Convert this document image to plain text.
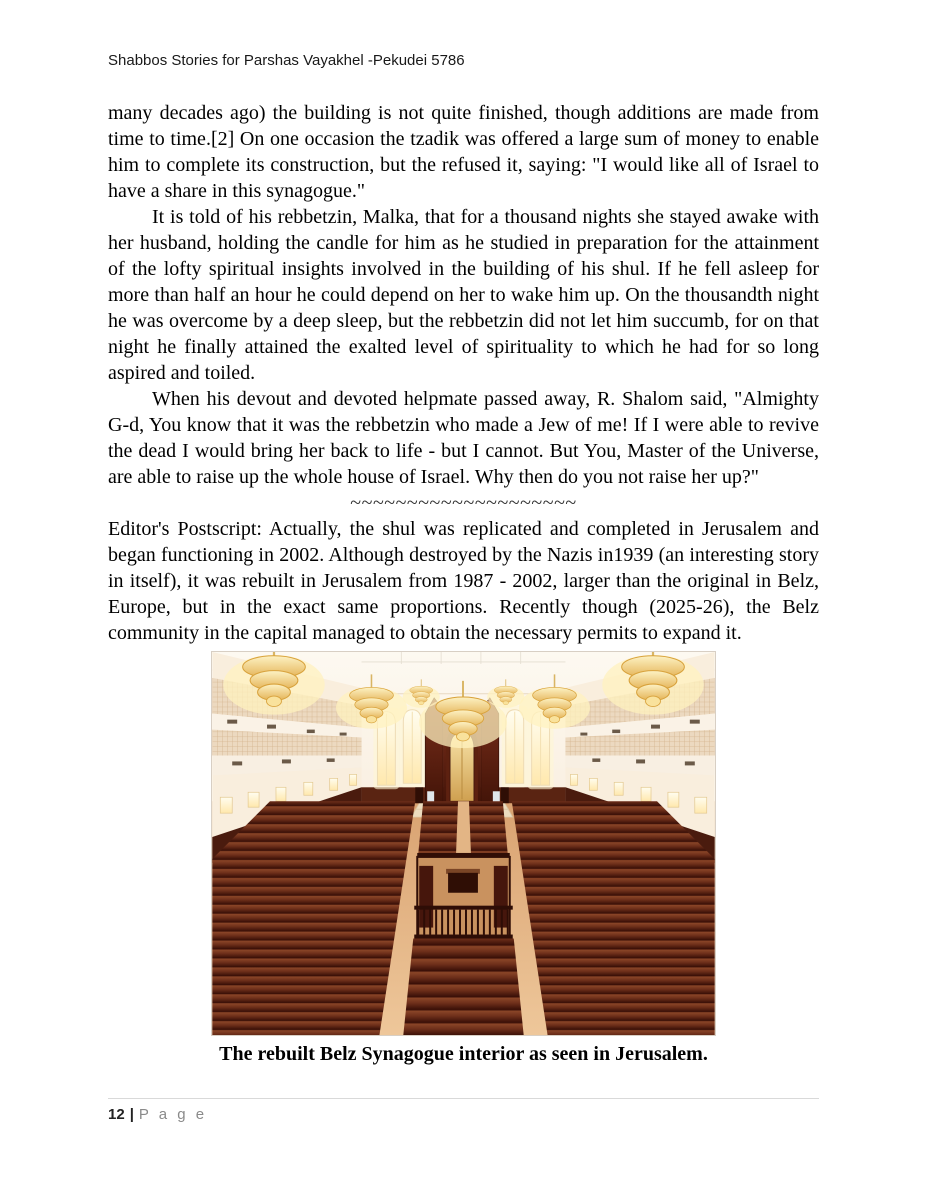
Shabbos Stories for Parshas Vayakhel -Pekudei 5786

many decades ago) the building is not quite finished, though additions are made from time to time.[2] On one occasion the tzadik was offered a large sum of money to enable him to complete its construction, but the refused it, saying: "I would like all of Israel to have a share in this synagogue."

It is told of his rebbetzin, Malka, that for a thousand nights she stayed awake with her husband, holding the candle for him as he studied in preparation for the attainment of the lofty spiritual insights involved in the building of his shul. If he fell asleep for more than half an hour he could depend on her to wake him up. On the thousandth night he was overcome by a deep sleep, but the rebbetzin did not let him succumb, for on that night he finally attained the exalted level of spirituality to which he had for so long aspired and toiled.

When his devout and devoted helpmate passed away, R. Shalom said, "Almighty G-d, You know that it was the rebbetzin who made a Jew of me! If I were able to revive the dead I would bring her back to life - but I cannot. But You, Master of the Universe, are able to raise up the whole house of Israel. Why then do you not raise her up?"

~~~~~~~~~~~~~~~~~~~~

Editor's Postscript: Actually, the shul was replicated and completed in Jerusalem and began functioning in 2002. Although destroyed by the Nazis in1939 (an interesting story in itself), it was rebuilt in Jerusalem from 1987 - 2002, larger than the original in Belz, Europe, but in the exact same proportions. Recently though (2025-26), the Belz community in the capital managed to obtain the necessary permits to expand it.

The rebuilt Belz Synagogue interior as seen in Jerusalem.
12 | P a g e
